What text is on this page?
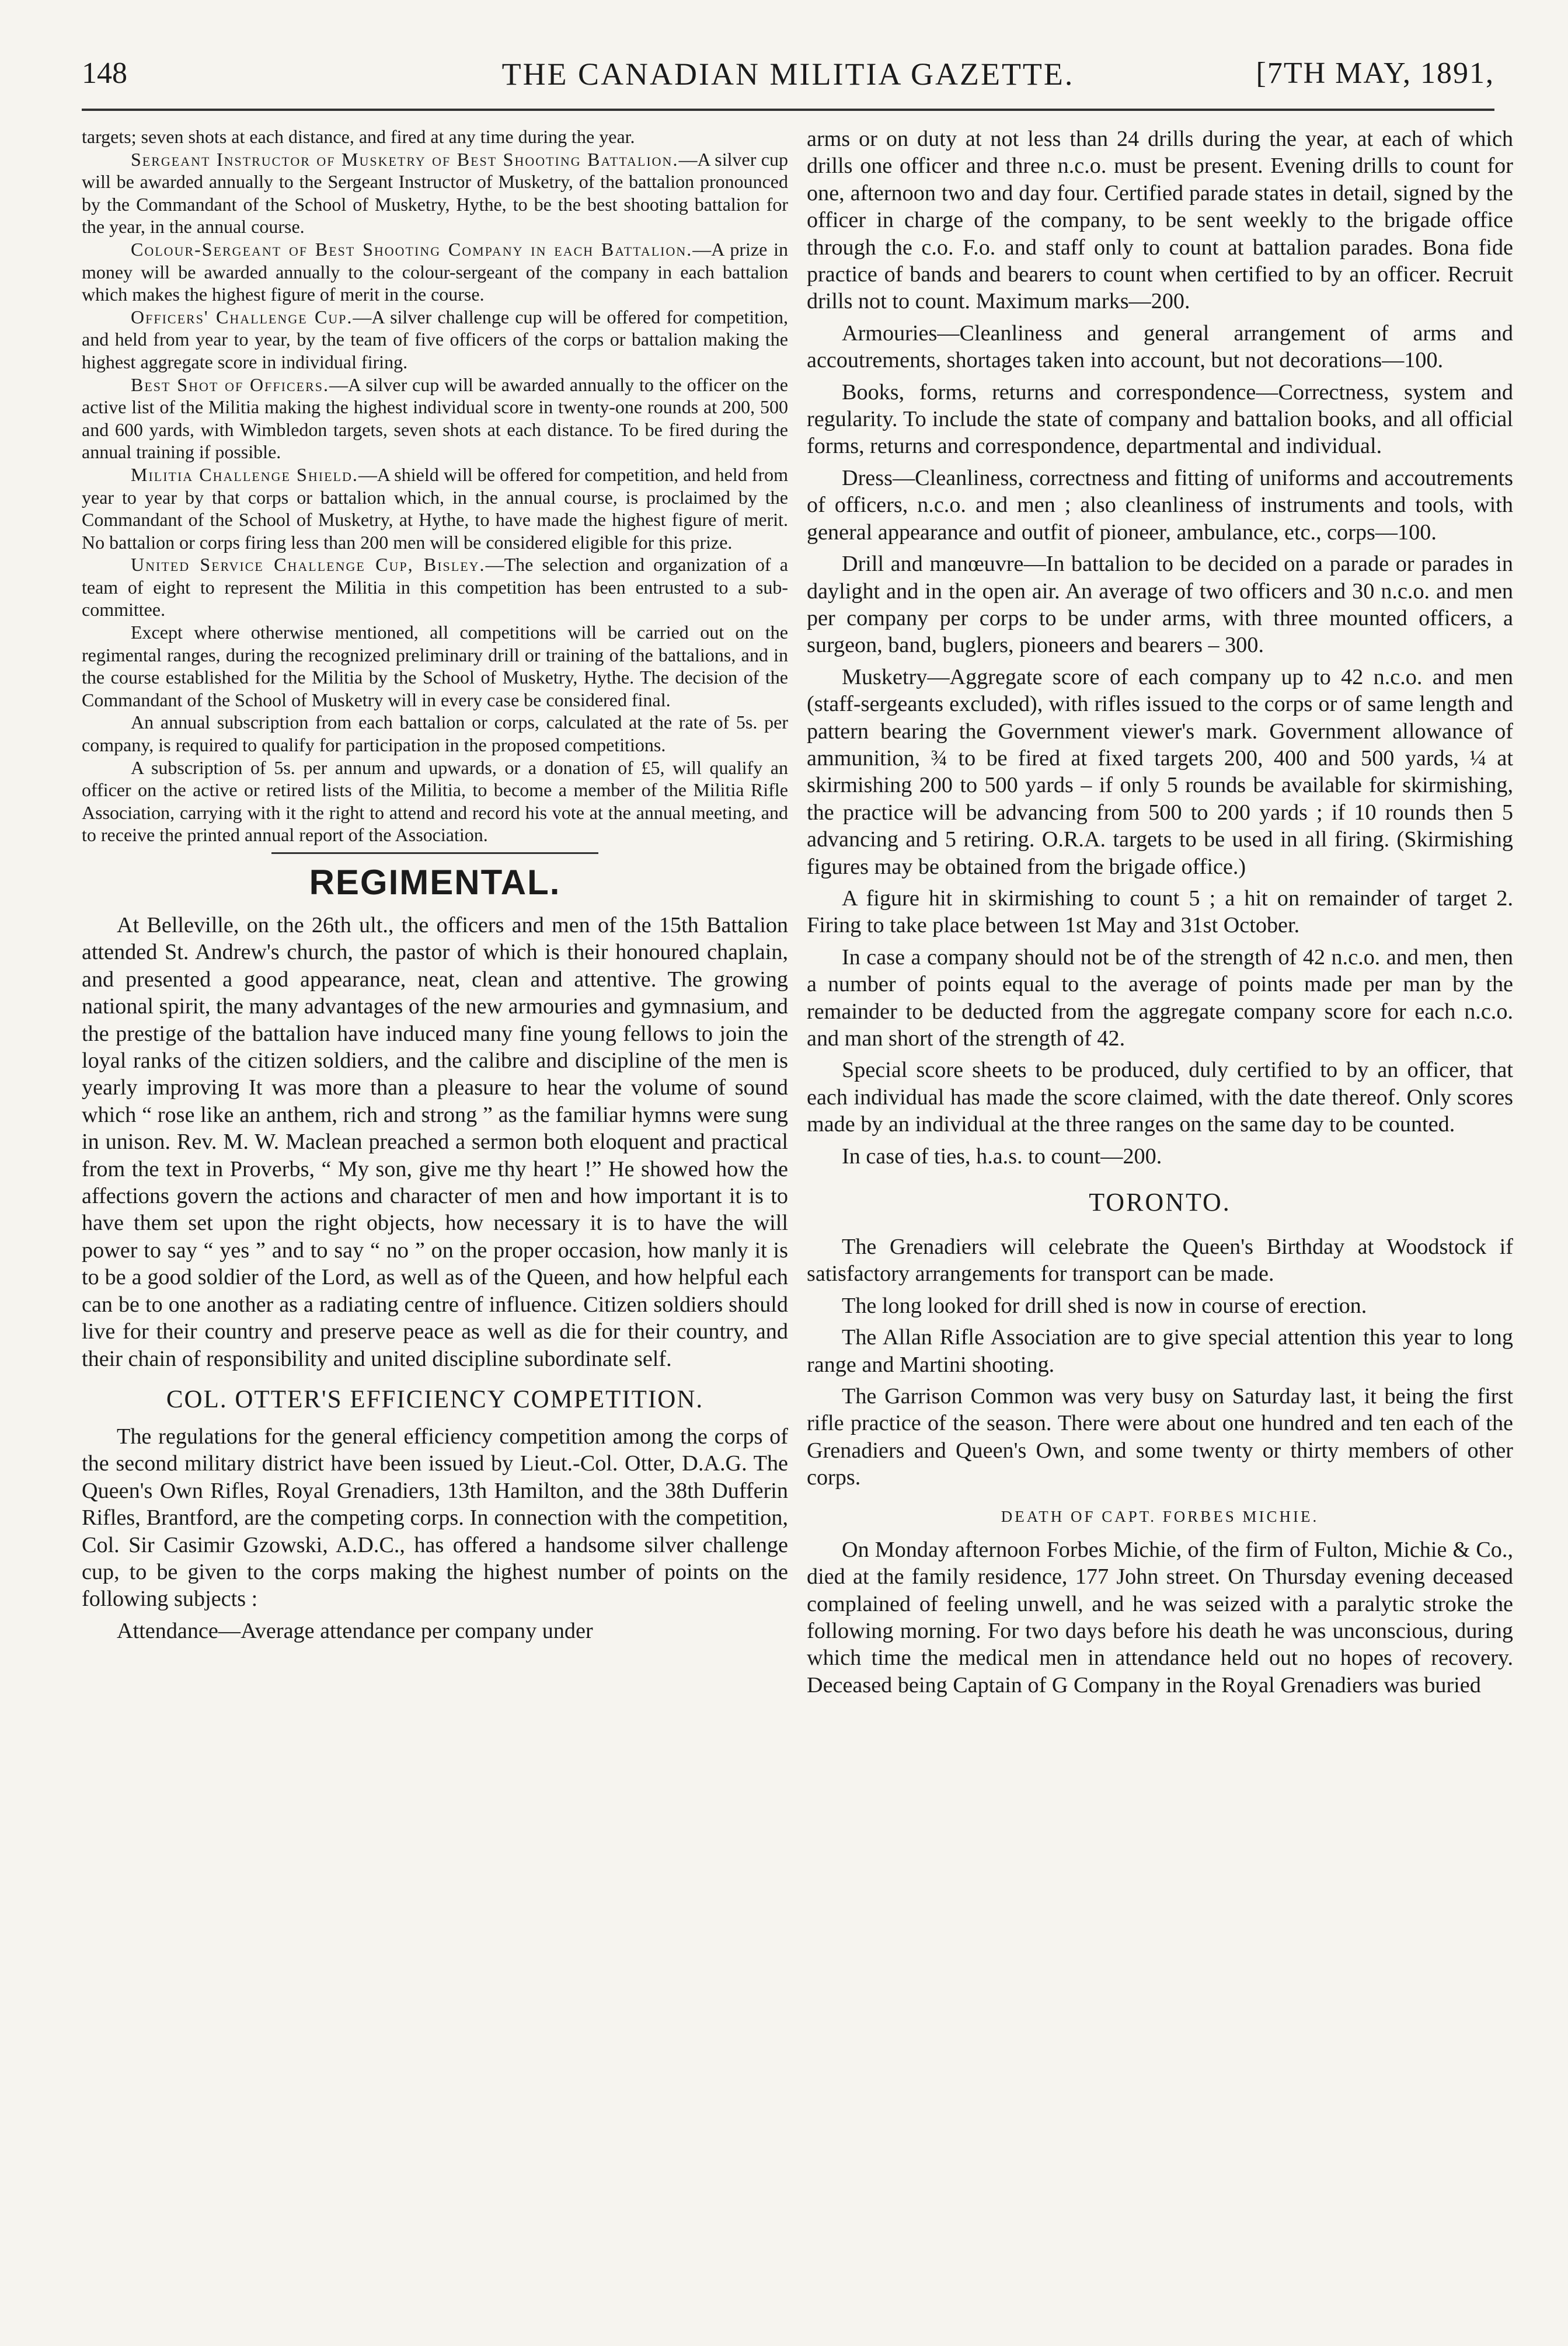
148	THE CANADIAN MILITIA GAZETTE.	[7TH MAY, 1891,

targets; seven shots at each distance, and fired at any time during the year.

Sergeant Instructor of Musketry of Best Shooting Battalion.—A silver cup will be awarded annually to the Sergeant Instructor of Musketry, of the battalion pronounced by the Commandant of the School of Musketry, Hythe, to be the best shooting battalion for the year, in the annual course.

Colour-Sergeant of Best Shooting Company in each Battalion.—A prize in money will be awarded annually to the colour-sergeant of the company in each battalion which makes the highest figure of merit in the course.

Officers' Challenge Cup.—A silver challenge cup will be offered for competition, and held from year to year, by the team of five officers of the corps or battalion making the highest aggregate score in individual firing.

Best Shot of Officers.—A silver cup will be awarded annually to the officer on the active list of the Militia making the highest individual score in twenty-one rounds at 200, 500 and 600 yards, with Wimbledon targets, seven shots at each distance. To be fired during the annual training if possible.

Militia Challenge Shield.—A shield will be offered for competition, and held from year to year by that corps or battalion which, in the annual course, is proclaimed by the Commandant of the School of Musketry, at Hythe, to have made the highest figure of merit. No battalion or corps firing less than 200 men will be considered eligible for this prize.

United Service Challenge Cup, Bisley.—The selection and organization of a team of eight to represent the Militia in this competition has been entrusted to a sub-committee.

Except where otherwise mentioned, all competitions will be carried out on the regimental ranges, during the recognized preliminary drill or training of the battalions, and in the course established for the Militia by the School of Musketry, Hythe. The decision of the Commandant of the School of Musketry will in every case be considered final.

An annual subscription from each battalion or corps, calculated at the rate of 5s. per company, is required to qualify for participation in the proposed competitions.

A subscription of 5s. per annum and upwards, or a donation of £5, will qualify an officer on the active or retired lists of the Militia, to become a member of the Militia Rifle Association, carrying with it the right to attend and record his vote at the annual meeting, and to receive the printed annual report of the Association.

REGIMENTAL.

At Belleville, on the 26th ult., the officers and men of the 15th Battalion attended St. Andrew's church, the pastor of which is their honoured chaplain, and presented a good appearance, neat, clean and attentive. The growing national spirit, the many advantages of the new armouries and gymnasium, and the prestige of the battalion have induced many fine young fellows to join the loyal ranks of the citizen soldiers, and the calibre and discipline of the men is yearly improving It was more than a pleasure to hear the volume of sound which “ rose like an anthem, rich and strong ” as the familiar hymns were sung in unison. Rev. M. W. Maclean preached a sermon both eloquent and practical from the text in Proverbs, “ My son, give me thy heart !” He showed how the affections govern the actions and character of men and how important it is to have them set upon the right objects, how necessary it is to have the will power to say “ yes ” and to say “ no ” on the proper occasion, how manly it is to be a good soldier of the Lord, as well as of the Queen, and how helpful each can be to one another as a radiating centre of influence. Citizen soldiers should live for their country and preserve peace as well as die for their country, and their chain of responsibility and united discipline subordinate self.

COL. OTTER'S EFFICIENCY COMPETITION.

The regulations for the general efficiency competition among the corps of the second military district have been issued by Lieut.-Col. Otter, D.A.G. The Queen's Own Rifles, Royal Grenadiers, 13th Hamilton, and the 38th Dufferin Rifles, Brantford, are the competing corps. In connection with the competition, Col. Sir Casimir Gzowski, A.D.C., has offered a handsome silver challenge cup, to be given to the corps making the highest number of points on the following subjects :

Attendance—Average attendance per company under

arms or on duty at not less than 24 drills during the year, at each of which drills one officer and three n.c.o. must be present. Evening drills to count for one, afternoon two and day four. Certified parade states in detail, signed by the officer in charge of the company, to be sent weekly to the brigade office through the c.o. F.o. and staff only to count at battalion parades. Bona fide practice of bands and bearers to count when certified to by an officer. Recruit drills not to count. Maximum marks—200.

Armouries—Cleanliness and general arrangement of arms and accoutrements, shortages taken into account, but not decorations—100.

Books, forms, returns and correspondence—Correctness, system and regularity. To include the state of company and battalion books, and all official forms, returns and correspondence, departmental and individual.

Dress—Cleanliness, correctness and fitting of uniforms and accoutrements of officers, n.c.o. and men ; also cleanliness of instruments and tools, with general appearance and outfit of pioneer, ambulance, etc., corps—100.

Drill and manœuvre—In battalion to be decided on a parade or parades in daylight and in the open air. An average of two officers and 30 n.c.o. and men per company per corps to be under arms, with three mounted officers, a surgeon, band, buglers, pioneers and bearers – 300.

Musketry—Aggregate score of each company up to 42 n.c.o. and men (staff-sergeants excluded), with rifles issued to the corps or of same length and pattern bearing the Government viewer's mark. Government allowance of ammunition, ¾ to be fired at fixed targets 200, 400 and 500 yards, ¼ at skirmishing 200 to 500 yards – if only 5 rounds be available for skirmishing, the practice will be advancing from 500 to 200 yards ; if 10 rounds then 5 advancing and 5 retiring. O.R.A. targets to be used in all firing. (Skirmishing figures may be obtained from the brigade office.)

A figure hit in skirmishing to count 5 ; a hit on remainder of target 2. Firing to take place between 1st May and 31st October.

In case a company should not be of the strength of 42 n.c.o. and men, then a number of points equal to the average of points made per man by the remainder to be deducted from the aggregate company score for each n.c.o. and man short of the strength of 42.

Special score sheets to be produced, duly certified to by an officer, that each individual has made the score claimed, with the date thereof. Only scores made by an individual at the three ranges on the same day to be counted.

In case of ties, h.a.s. to count—200.

TORONTO.

The Grenadiers will celebrate the Queen's Birthday at Woodstock if satisfactory arrangements for transport can be made.

The long looked for drill shed is now in course of erection.

The Allan Rifle Association are to give special attention this year to long range and Martini shooting.

The Garrison Common was very busy on Saturday last, it being the first rifle practice of the season. There were about one hundred and ten each of the Grenadiers and Queen's Own, and some twenty or thirty members of other corps.

DEATH OF CAPT. FORBES MICHIE.

On Monday afternoon Forbes Michie, of the firm of Fulton, Michie & Co., died at the family residence, 177 John street. On Thursday evening deceased complained of feeling unwell, and he was seized with a paralytic stroke the following morning. For two days before his death he was unconscious, during which time the medical men in attendance held out no hopes of recovery. Deceased being Captain of G Company in the Royal Grenadiers was buried
